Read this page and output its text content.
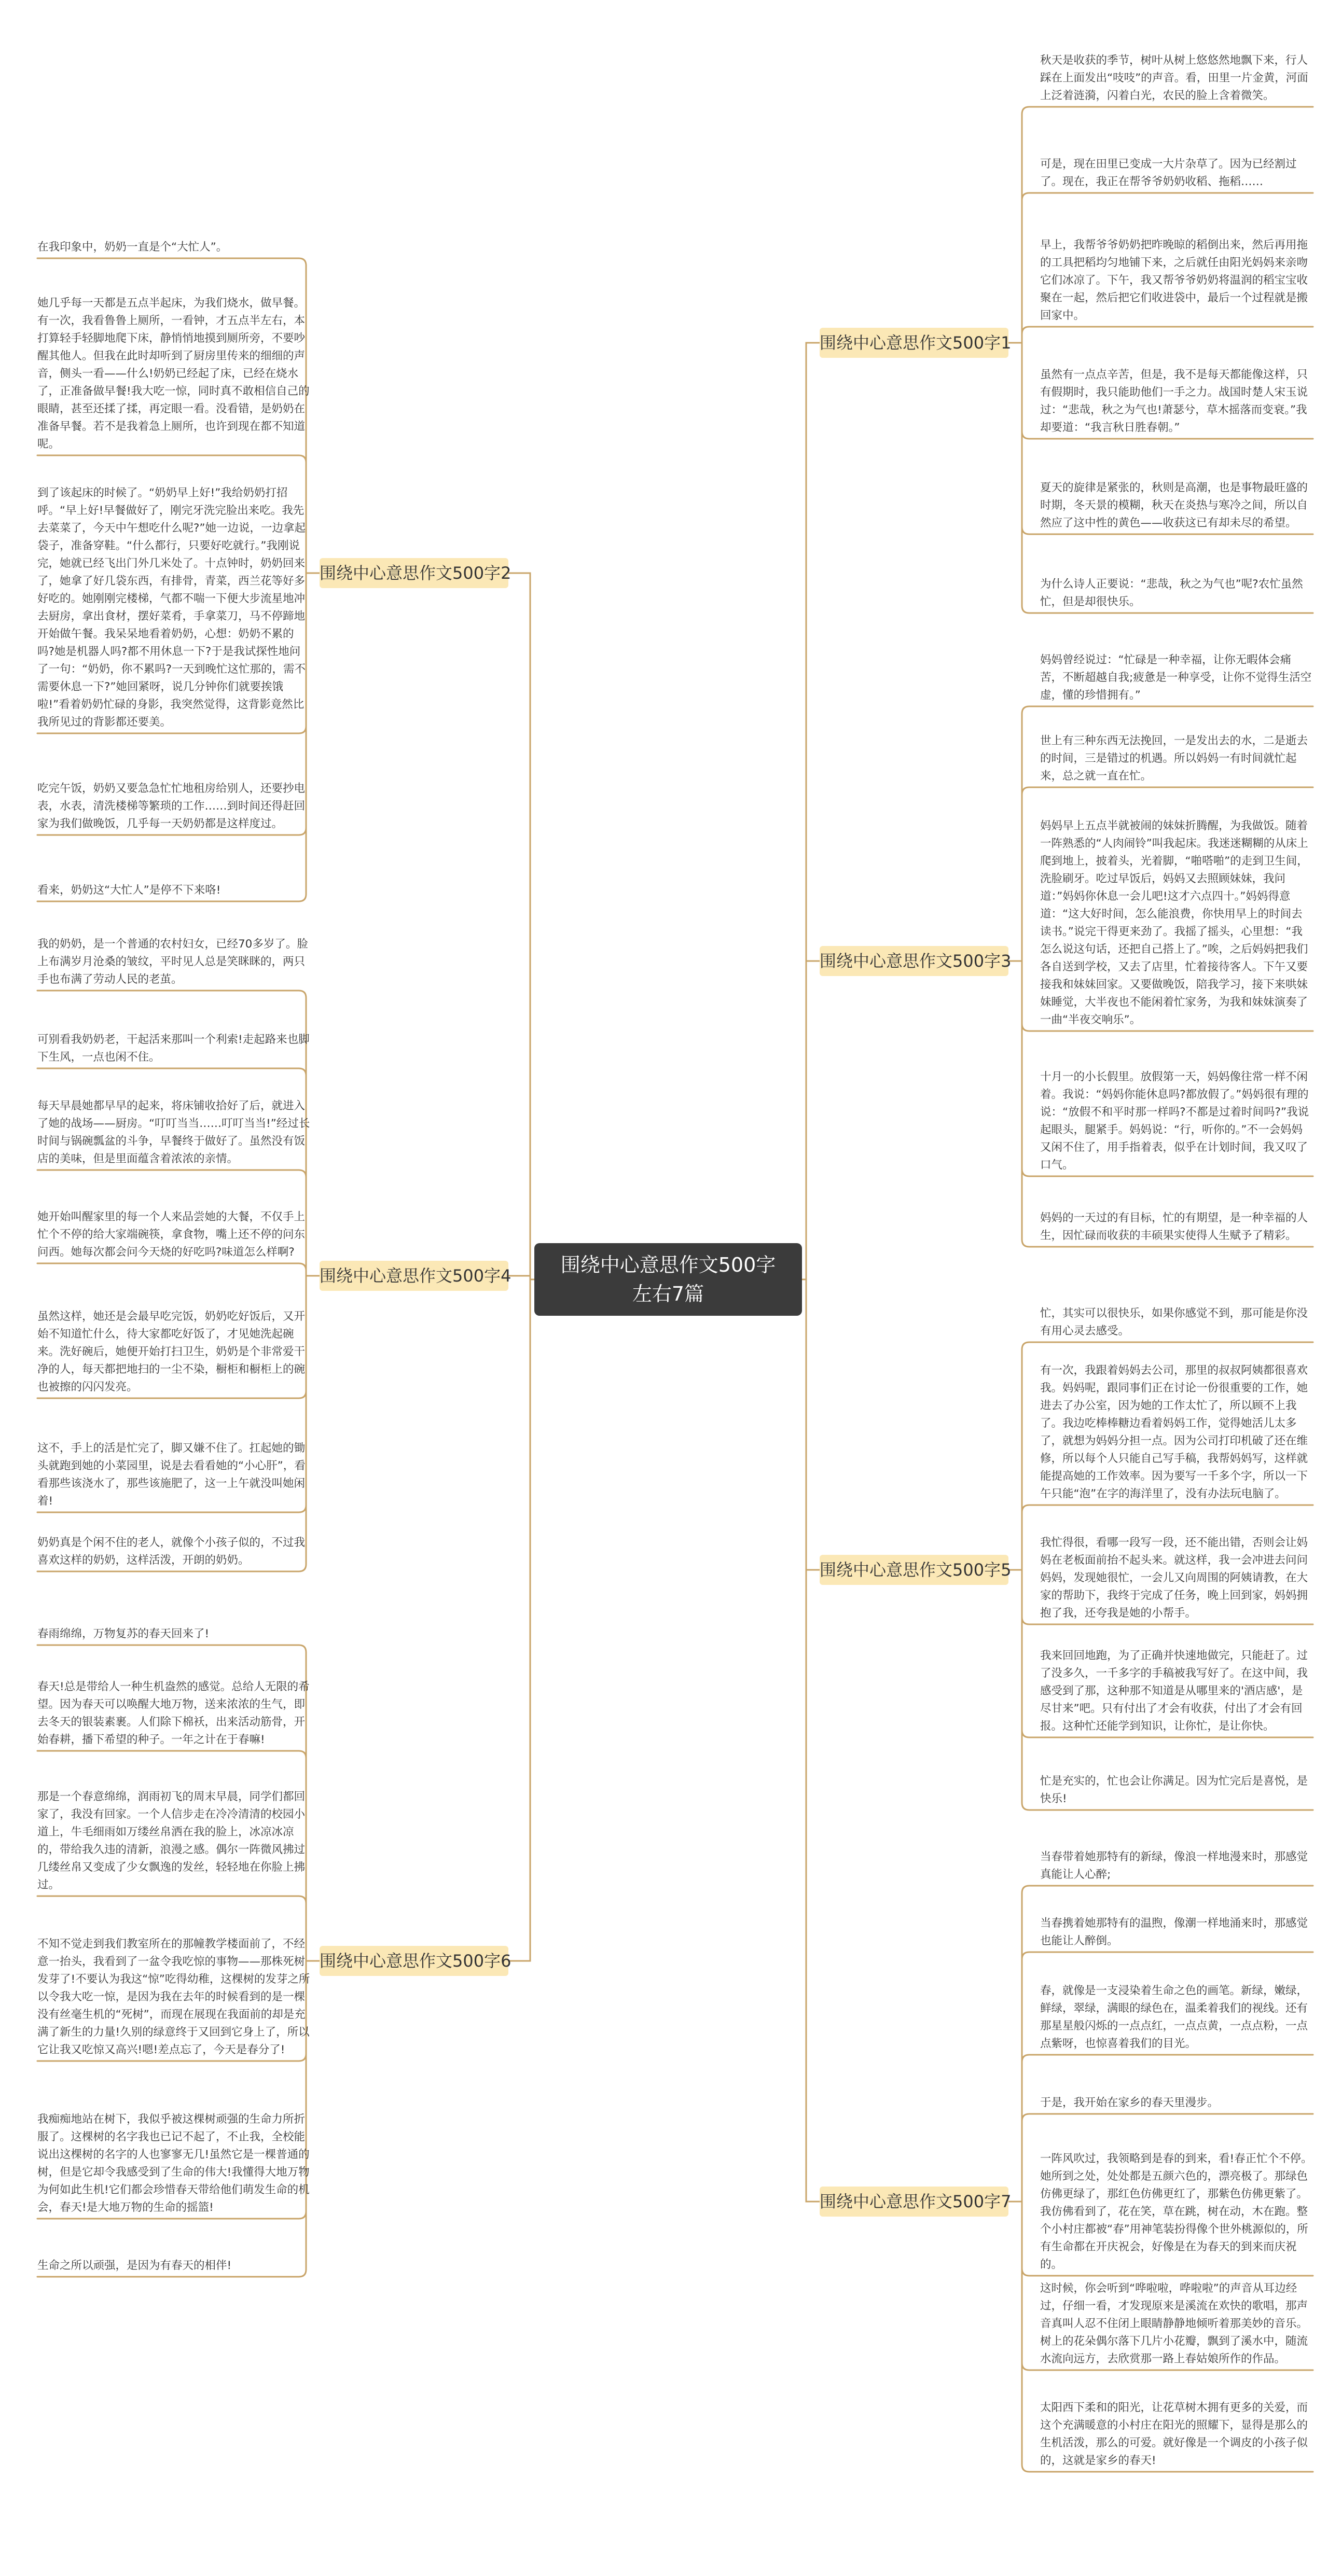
围绕中心意思作文500字
左右7篇
围绕中心意思作文500字1
围绕中心意思作文500字2
围绕中心意思作文500字3
围绕中心意思作文500字4
围绕中心意思作文500字5
围绕中心意思作文500字6
围绕中心意思作文500字7
秋天是收获的季节，树叶从树上悠悠然地飘下来，行人踩在上面发出“吱吱”的声音。看，田里一片金黄，河面上泛着涟漪，闪着白光，农民的脸上含着微笑。
可是，现在田里已变成一大片杂草了。因为已经割过了。现在，我正在帮爷爷奶奶收稻、拖稻……
早上，我帮爷爷奶奶把昨晚晾的稻倒出来，然后再用拖的工具把稻均匀地铺下来，之后就任由阳光妈妈来亲吻它们冰凉了。下午，我又帮爷爷奶奶将温润的稻宝宝收聚在一起，然后把它们收进袋中，最后一个过程就是搬回家中。
虽然有一点点辛苦，但是，我不是每天都能像这样，只有假期时，我只能助他们一手之力。战国时楚人宋玉说过：“悲哉，秋之为气也!萧瑟兮，草木摇落而变衰。”我却要道：“我言秋日胜春朝。”
夏天的旋律是紧张的，秋则是高潮，也是事物最旺盛的时期，冬天景的模糊，秋天在炎热与寒冷之间，所以自然应了这中性的黄色——收获这已有却未尽的希望。
为什么诗人正要说：“悲哉，秋之为气也”呢?农忙虽然忙，但是却很快乐。
在我印象中，奶奶一直是个“大忙人”。
她几乎每一天都是五点半起床，为我们烧水，做早餐。有一次，我看鲁鲁上厕所，一看钟，才五点半左右，本打算轻手轻脚地爬下床，静悄悄地摸到厕所旁，不要吵醒其他人。但我在此时却听到了厨房里传来的细细的声音，侧头一看——什么!奶奶已经起了床，已经在烧水了，正准备做早餐!我大吃一惊，同时真不敢相信自己的眼睛，甚至还揉了揉，再定眼一看。没看错，是奶奶在准备早餐。若不是我着急上厕所，也许到现在都不知道呢。
到了该起床的时候了。“奶奶早上好!”我给奶奶打招呼。“早上好!早餐做好了，刚完牙洗完脸出来吃。我先去菜菜了，今天中午想吃什么呢?”她一边说，一边拿起袋子，准备穿鞋。“什么都行，只要好吃就行。”我刚说完，她就已经飞出门外几米处了。十点钟时，奶奶回来了，她拿了好几袋东西，有排骨，青菜，西兰花等好多好吃的。她刚刚完楼梯，气都不喘一下便大步流星地冲去厨房，拿出食材，摆好菜肴，手拿菜刀，马不停蹄地开始做午餐。我呆呆地看着奶奶，心想：奶奶不累的吗?她是机器人吗?都不用休息一下?于是我试探性地问了一句：“奶奶，你不累吗?一天到晚忙这忙那的，需不需要休息一下?”她回紧呀，说几分钟你们就要挨饿啦!”看着奶奶忙碌的身影，我突然觉得，这背影竟然比我所见过的背影都还要美。
吃完午饭，奶奶又要急急忙忙地租房给别人，还要抄电表，水表，清洗楼梯等繁琐的工作……到时间还得赶回家为我们做晚饭，几乎每一天奶奶都是这样度过。
看来，奶奶这“大忙人”是停不下来咯!
妈妈曾经说过：“忙碌是一种幸福，让你无暇体会痛苦，不断超越自我;疲惫是一种享受，让你不觉得生活空虚，懂的珍惜拥有。”
世上有三种东西无法挽回，一是发出去的水，二是逝去的时间，三是错过的机遇。所以妈妈一有时间就忙起来，总之就一直在忙。
妈妈早上五点半就被闹的妹妹折腾醒，为我做饭。随着一阵熟悉的“人肉闹铃”叫我起床。我迷迷糊糊的从床上爬到地上，披着头，光着脚，“啪嗒啪”的走到卫生间，洗脸刷牙。吃过早饭后，妈妈又去照顾妹妹，我问道：”妈妈你休息一会儿吧!这才六点四十。”妈妈得意道：“这大好时间，怎么能浪费，你快用早上的时间去读书。”说完干得更来劲了。我摇了摇头，心里想：“我怎么说这句话，还把自己搭上了。”唉，之后妈妈把我们各自送到学校，又去了店里，忙着接待客人。下午又要接我和妹妹回家。又要做晚饭，陪我学习，接下来哄妹妹睡觉，大半夜也不能闲着忙家务，为我和妹妹演奏了一曲“半夜交响乐”。
十月一的小长假里。放假第一天，妈妈像往常一样不闲着。我说：“妈妈你能休息吗?都放假了。”妈妈很有理的说：“放假不和平时那一样吗?不都是过着时间吗?”我说起眼头，腿紧手。妈妈说：“行，听你的。”不一会妈妈又闲不住了，用手指着表，似乎在计划时间，我又叹了口气。
妈妈的一天过的有目标，忙的有期望，是一种幸福的人生，因忙碌而收获的丰硕果实使得人生赋予了精彩。
我的奶奶，是一个普通的农村妇女，已经70多岁了。脸上布满岁月沧桑的皱纹，平时见人总是笑眯眯的，两只手也布满了劳动人民的老茧。
可别看我奶奶老，干起活来那叫一个利索!走起路来也脚下生风，一点也闲不住。
每天早晨她都早早的起来，将床铺收拾好了后，就进入了她的战场——厨房。“叮叮当当……叮叮当当!”经过长时间与锅碗瓢盆的斗争，早餐终于做好了。虽然没有饭店的美味，但是里面蕴含着浓浓的亲情。
她开始叫醒家里的每一个人来品尝她的大餐，不仅手上忙个不停的给大家端碗筷，拿食物，嘴上还不停的问东问西。她每次都会问今天烧的好吃吗?味道怎么样啊?
虽然这样，她还是会最早吃完饭，奶奶吃好饭后，又开始不知道忙什么，待大家都吃好饭了，才见她洗起碗来。洗好碗后，她便开始打扫卫生，奶奶是个非常爱干净的人，每天都把地扫的一尘不染，橱柜和橱柜上的碗也被擦的闪闪发亮。
这不，手上的活是忙完了，脚又嫌不住了。扛起她的锄头就跑到她的小菜园里，说是去看看她的“小心肝”，看看那些该浇水了，那些该施肥了，这一上午就没叫她闲着!
奶奶真是个闲不住的老人，就像个小孩子似的，不过我喜欢这样的奶奶，这样活泼，开朗的奶奶。
忙，其实可以很快乐，如果你感觉不到，那可能是你没有用心灵去感受。
有一次，我跟着妈妈去公司，那里的叔叔阿姨都很喜欢我。妈妈呢，跟同事们正在讨论一份很重要的工作，她进去了办公室，因为她的工作太忙了，所以顾不上我了。我边吃棒棒糖边看着妈妈工作，觉得她活儿太多了，就想为妈妈分担一点。因为公司打印机破了还在维修，所以每个人只能自己写手稿，我帮妈妈写，这样就能提高她的工作效率。因为要写一千多个字，所以一下午只能“泡”在字的海洋里了，没有办法玩电脑了。
我忙得很，看哪一段写一段，还不能出错，否则会让妈妈在老板面前抬不起头来。就这样，我一会冲进去问问妈妈，发现她很忙，一会儿又向周围的阿姨请教，在大家的帮助下，我终于完成了任务，晚上回到家，妈妈拥抱了我，还夸我是她的小帮手。
我来回回地跑，为了正确并快速地做完，只能赶了。过了没多久，一千多字的手稿被我写好了。在这中间，我感受到了那，这种那不知道是从哪里来的'酒店感'，是尽甘来”吧。只有付出了才会有收获，付出了才会有回报。这种忙还能学到知识，让你忙，是让你快。
忙是充实的，忙也会让你满足。因为忙完后是喜悦，是快乐!
春雨绵绵，万物复苏的春天回来了!
春天!总是带给人一种生机盎然的感觉。总给人无限的希望。因为春天可以唤醒大地万物，送来浓浓的生气，即去冬天的银装素裹。人们除下棉袄，出来活动筋骨，开始春耕，播下希望的种子。一年之计在于春嘛!
那是一个春意绵绵，润雨初飞的周末早晨，同学们都回家了，我没有回家。一个人信步走在冷冷清清的校园小道上，牛毛细雨如万缕丝帛洒在我的脸上，冰凉冰凉的，带给我久违的清新，浪漫之感。偶尔一阵微风拂过几缕丝帛又变成了少女飘逸的发丝，轻轻地在你脸上拂过。
不知不觉走到我们教室所在的那幢教学楼面前了，不经意一抬头，我看到了一盆令我吃惊的事物——那株死树发芽了!不要认为我这“惊”吃得幼稚，这棵树的发芽之所以令我大吃一惊，是因为我在去年的时候看到的是一棵没有丝毫生机的“死树”，而现在展现在我面前的却是充满了新生的力量!久别的绿意终于又回到它身上了，所以它让我又吃惊又高兴!嗯!差点忘了，今天是春分了!
我痴痴地站在树下，我似乎被这棵树顽强的生命力所折服了。这棵树的名字我也已记不起了，不止我，全校能说出这棵树的名字的人也寥寥无几!虽然它是一棵普通的树，但是它却令我感受到了生命的伟大!我懂得大地万物为何如此生机!它们都会珍惜春天带给他们萌发生命的机会，春天!是大地万物的生命的摇篮!
生命之所以顽强，是因为有春天的相伴!
当春带着她那特有的新绿，像浪一样地漫来时，那感觉真能让人心醉;
当春携着她那特有的温煦，像潮一样地涌来时，那感觉也能让人醉倒。
春，就像是一支浸染着生命之色的画笔。新绿，嫩绿，鲜绿，翠绿，满眼的绿色在，温柔着我们的视线。还有那星星般闪烁的一点点红，一点点黄，一点点粉，一点点紫呀，也惊喜着我们的目光。
于是，我开始在家乡的春天里漫步。
一阵风吹过，我领略到是春的到来，看!春正忙个不停。她所到之处，处处都是五颜六色的，漂亮极了。那绿色仿佛更绿了，那红色仿佛更红了，那紫色仿佛更紫了。我仿佛看到了，花在笑，草在跳，树在动，木在跑。整个小村庄都被“春”用神笔装扮得像个世外桃源似的，所有生命都在开庆祝会，好像是在为春天的到来而庆祝的。
这时候，你会听到“哗啦啦，哗啦啦”的声音从耳边经过，仔细一看，才发现原来是溪流在欢快的歌唱，那声音真叫人忍不住闭上眼睛静静地倾听着那美妙的音乐。树上的花朵偶尔落下几片小花瓣，飘到了溪水中，随流水流向远方，去欣赏那一路上春姑娘所作的作品。
太阳西下柔和的阳光，让花草树木拥有更多的关爱，而这个充满暖意的小村庄在阳光的照耀下，显得是那么的生机活泼，那么的可爱。就好像是一个调皮的小孩子似的，这就是家乡的春天!
